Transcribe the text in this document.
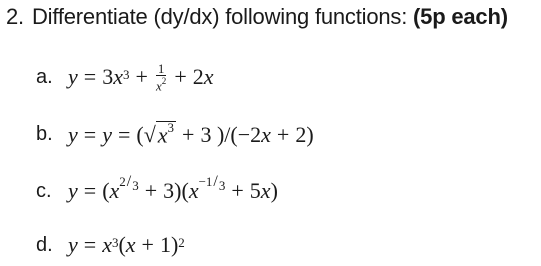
2. Differentiate (dy/dx) following functions: (5p each)
a. y = 3 $x^3 + \frac{1}{x^2} + 2$ x
b. y = y = ( √ $x^3 + 3$ )/(−2 x + 2)
c. y = ( x 2 / 3 + 3)( x −1 / 3 + 5 x )
d. $y = x^3$ ( x + 1)$^2$
